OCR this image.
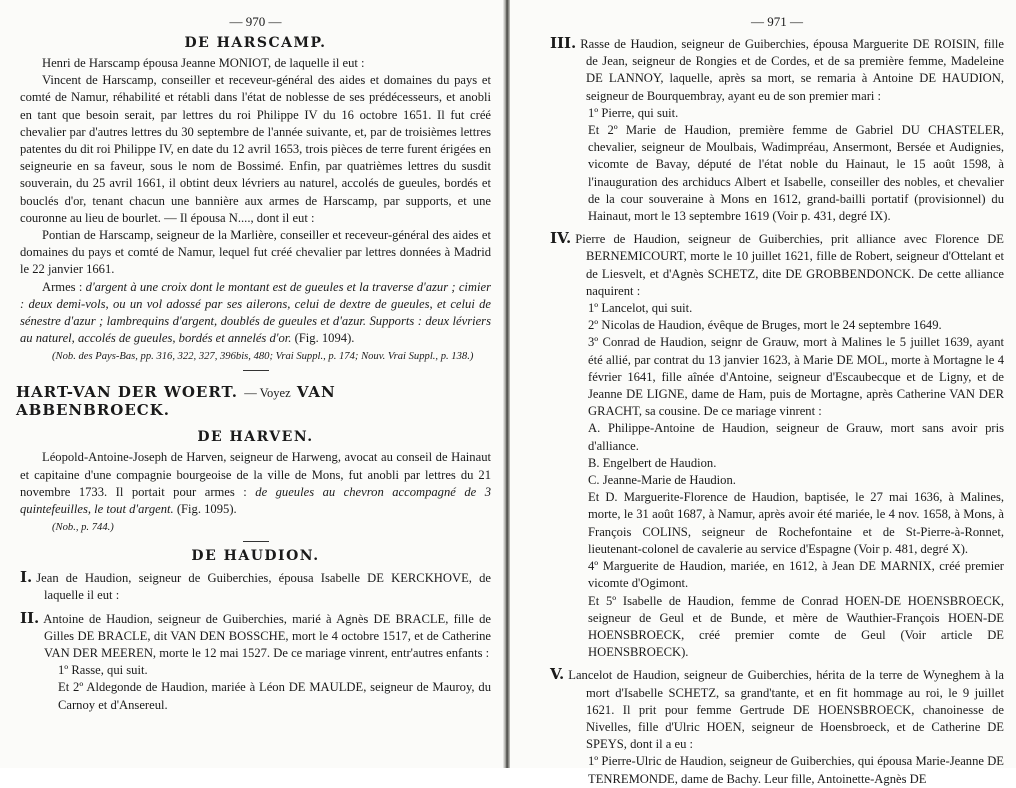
— 970 —
DE HARSCAMP.

Henri de Harscamp épousa Jeanne MONIOT, de laquelle il eut :

Vincent de Harscamp, conseiller et receveur-général des aides et domaines du pays et comté de Namur, réhabilité et rétabli dans l'état de noblesse de ses prédécesseurs, et anobli en tant que besoin serait, par lettres du roi Philippe IV du 16 octobre 1651. Il fut créé chevalier par d'autres lettres du 30 septembre de l'année suivante, et, par de troisièmes lettres patentes du dit roi Philippe IV, en date du 12 avril 1653, trois pièces de terre furent érigées en seigneurie en sa faveur, sous le nom de Bossimé. Enfin, par quatrièmes lettres du susdit souverain, du 25 avril 1661, il obtint deux lévriers au naturel, accolés de gueules, bordés et bouclés d'or, tenant chacun une bannière aux armes de Harscamp, par supports, et une couronne au lieu de bourlet. — Il épousa N...., dont il eut :

Pontian de Harscamp, seigneur de la Marlière, conseiller et receveur-général des aides et domaines du pays et comté de Namur, lequel fut créé chevalier par lettres données à Madrid le 22 janvier 1661.

Armes : d'argent à une croix dont le montant est de gueules et la traverse d'azur ; cimier : deux demi-vols, ou un vol adossé par ses ailerons, celui de dextre de gueules, et celui de sénestre d'azur ; lambrequins d'argent, doublés de gueules et d'azur. Supports : deux lévriers au naturel, accolés de gueules, bordés et annelés d'or. (Fig. 1094).

(Nob. des Pays-Bas, pp. 316, 322, 327, 396bis, 480; Vrai Suppl., p. 174; Nouv. Vrai Suppl., p. 138.)
HART-VAN DER WOERT. — Voyez VAN ABBENBROECK.
DE HARVEN.

Léopold-Antoine-Joseph de Harven, seigneur de Harweng, avocat au conseil de Hainaut et capitaine d'une compagnie bourgeoise de la ville de Mons, fut anobli par lettres du 21 novembre 1733. Il portait pour armes : de gueules au chevron accompagné de 3 quintefeuilles, le tout d'argent. (Fig. 1095).

(Nob., p. 744.)
DE HAUDION.

I. Jean de Haudion, seigneur de Guiberchies, épousa Isabelle DE KERCKHOVE, de laquelle il eut :

II. Antoine de Haudion, seigneur de Guiberchies, marié à Agnès DE BRACLE, fille de Gilles DE BRACLE, dit VAN DEN BOSSCHE, mort le 4 octobre 1517, et de Catherine VAN DER MEEREN, morte le 12 mai 1527. De ce mariage vinrent, entr'autres enfants :

1º Rasse, qui suit.

Et 2º Aldegonde de Haudion, mariée à Léon DE MAULDE, seigneur de Mauroy, du Carnoy et d'Ansereul.

— 971 —

III. Rasse de Haudion, seigneur de Guiberchies, épousa Marguerite DE ROISIN, fille de Jean, seigneur de Rongies et de Cordes, et de sa première femme, Madeleine DE LANNOY, laquelle, après sa mort, se remaria à Antoine DE HAUDION, seigneur de Bourquembray, ayant eu de son premier mari :

1º Pierre, qui suit.

Et 2º Marie de Haudion, première femme de Gabriel DU CHASTELER, chevalier, seigneur de Moulbais, Wadimpréau, Ansermont, Bersée et Audignies, vicomte de Bavay, député de l'état noble du Hainaut, le 15 août 1598, à l'inauguration des archiducs Albert et Isabelle, conseiller des nobles, et chevalier de la cour souveraine à Mons en 1612, grand-bailli portatif (provisionnel) du Hainaut, mort le 13 septembre 1619 (Voir p. 431, degré IX).

IV. Pierre de Haudion, seigneur de Guiberchies, prit alliance avec Florence DE BERNEMICOURT, morte le 10 juillet 1621, fille de Robert, seigneur d'Ottelant et de Liesvelt, et d'Agnès SCHETZ, dite DE GROBBENDONCK. De cette alliance naquirent :

1º Lancelot, qui suit.

2º Nicolas de Haudion, évêque de Bruges, mort le 24 septembre 1649.

3º Conrad de Haudion, seignr de Grauw, mort à Malines le 5 juillet 1639, ayant été allié, par contrat du 13 janvier 1623, à Marie DE MOL, morte à Mortagne le 4 février 1641, fille aînée d'Antoine, seigneur d'Escaubecque et de Ligny, et de Jeanne DE LIGNE, dame de Ham, puis de Mortagne, après Catherine VAN DER GRACHT, sa cousine. De ce mariage vinrent :

A. Philippe-Antoine de Haudion, seigneur de Grauw, mort sans avoir pris d'alliance.

B. Engelbert de Haudion.

C. Jeanne-Marie de Haudion.

Et D. Marguerite-Florence de Haudion, baptisée, le 27 mai 1636, à Malines, morte, le 31 août 1687, à Namur, après avoir été mariée, le 4 nov. 1658, à Mons, à François COLINS, seigneur de Rochefontaine et de St-Pierre-à-Ronnet, lieutenant-colonel de cavalerie au service d'Espagne (Voir p. 481, degré X).

4º Marguerite de Haudion, mariée, en 1612, à Jean DE MARNIX, créé premier vicomte d'Ogimont.

Et 5º Isabelle de Haudion, femme de Conrad HOEN-DE HOENSBROECK, seigneur de Geul et de Bunde, et mère de Wauthier-François HOEN-DE HOENSBROECK, créé premier comte de Geul (Voir article DE HOENSBROECK).

V. Lancelot de Haudion, seigneur de Guiberchies, hérita de la terre de Wyneghem à la mort d'Isabelle SCHETZ, sa grand'tante, et en fit hommage au roi, le 9 juillet 1621. Il prit pour femme Gertrude DE HOENSBROECK, chanoinesse de Nivelles, fille d'Ulric HOEN, seigneur de Hoensbroeck, et de Catherine DE SPEYS, dont il a eu :

1º Pierre-Ulric de Haudion, seigneur de Guiberchies, qui épousa Marie-Jeanne DE TENREMONDE, dame de Bachy. Leur fille, Antoinette-Agnès DE
